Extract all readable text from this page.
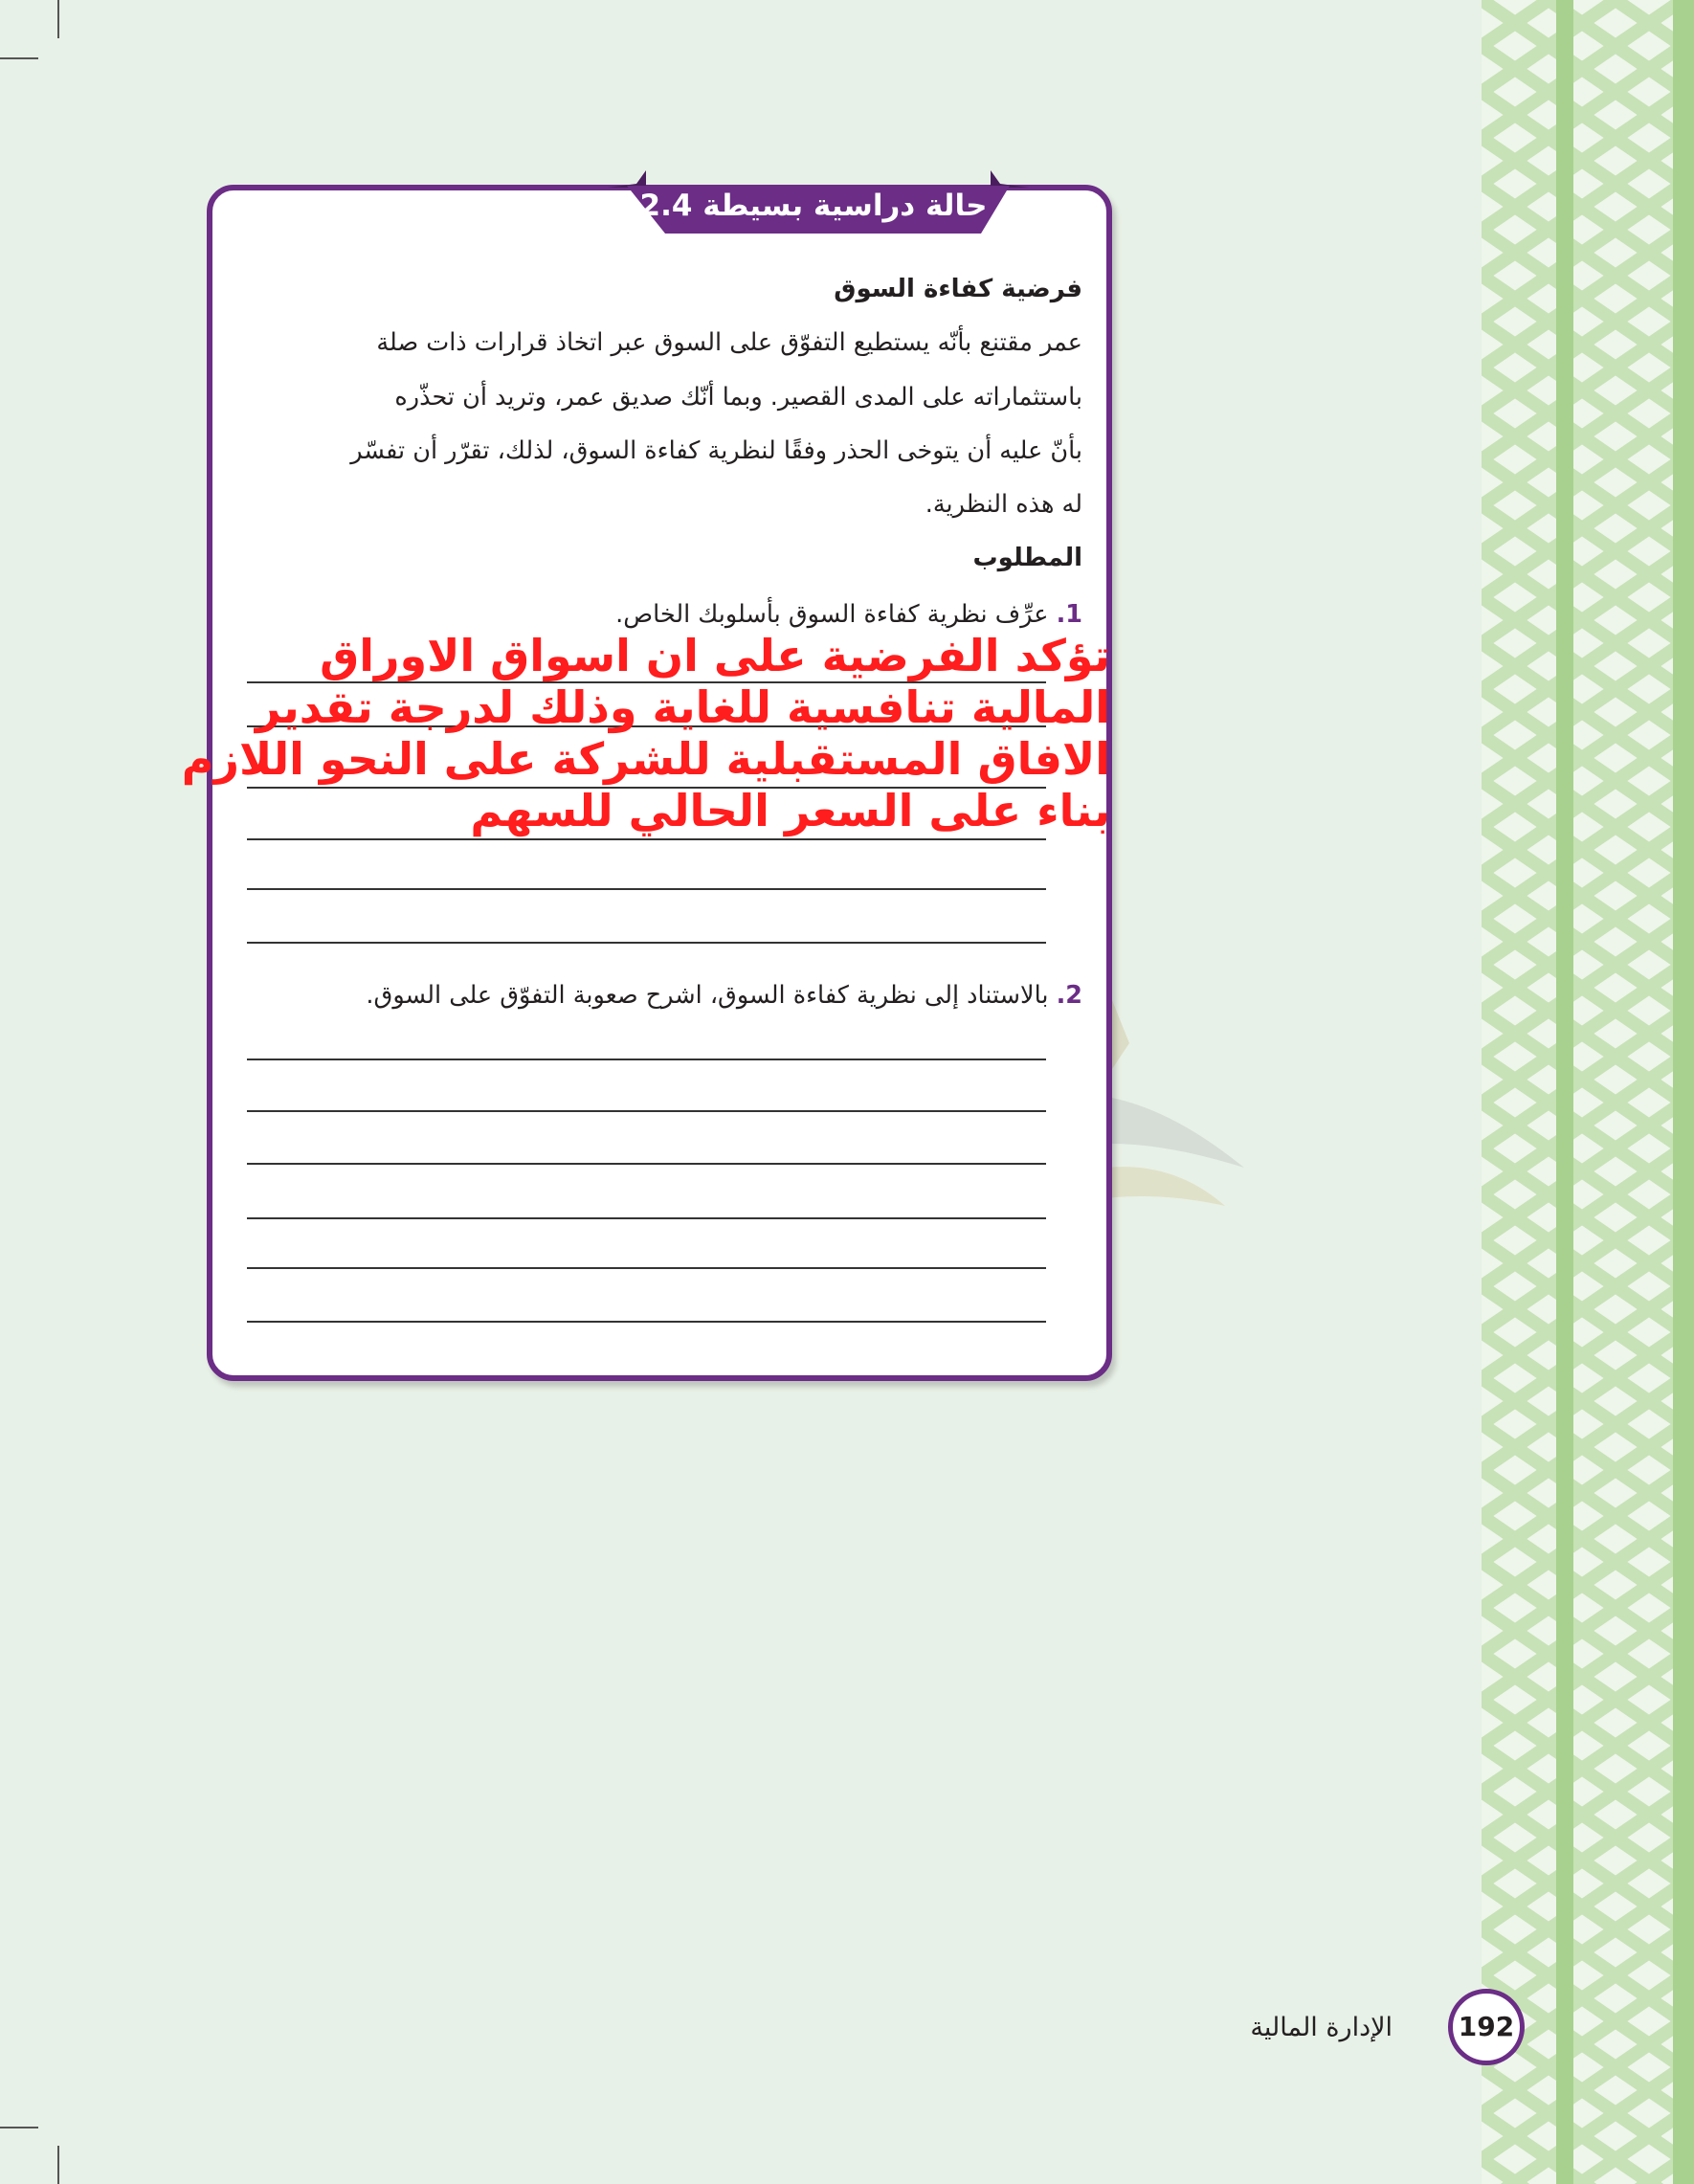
حالة دراسية بسيطة 2.4
فرضية كفاءة السوق
عمر مقتنع بأنّه يستطيع التفوّق على السوق عبر اتخاذ قرارات ذات صلة
باستثماراته على المدى القصير. وبما أنّك صديق عمر، وتريد أن تحذّره
بأنّ عليه أن يتوخى الحذر وفقًا لنظرية كفاءة السوق، لذلك، تقرّر أن تفسّر
له هذه النظرية.
المطلوب
1. عرِّف نظرية كفاءة السوق بأسلوبك الخاص.
تؤكد الفرضية على ان اسواق الاوراق
المالية تنافسية للغاية وذلك لدرجة تقدير
الافاق المستقبلية للشركة على النحو اللازم
بناء على السعر الحالي للسهم
2. بالاستناد إلى نظرية كفاءة السوق، اشرح صعوبة التفوّق على السوق.
الإدارة المالية	192
